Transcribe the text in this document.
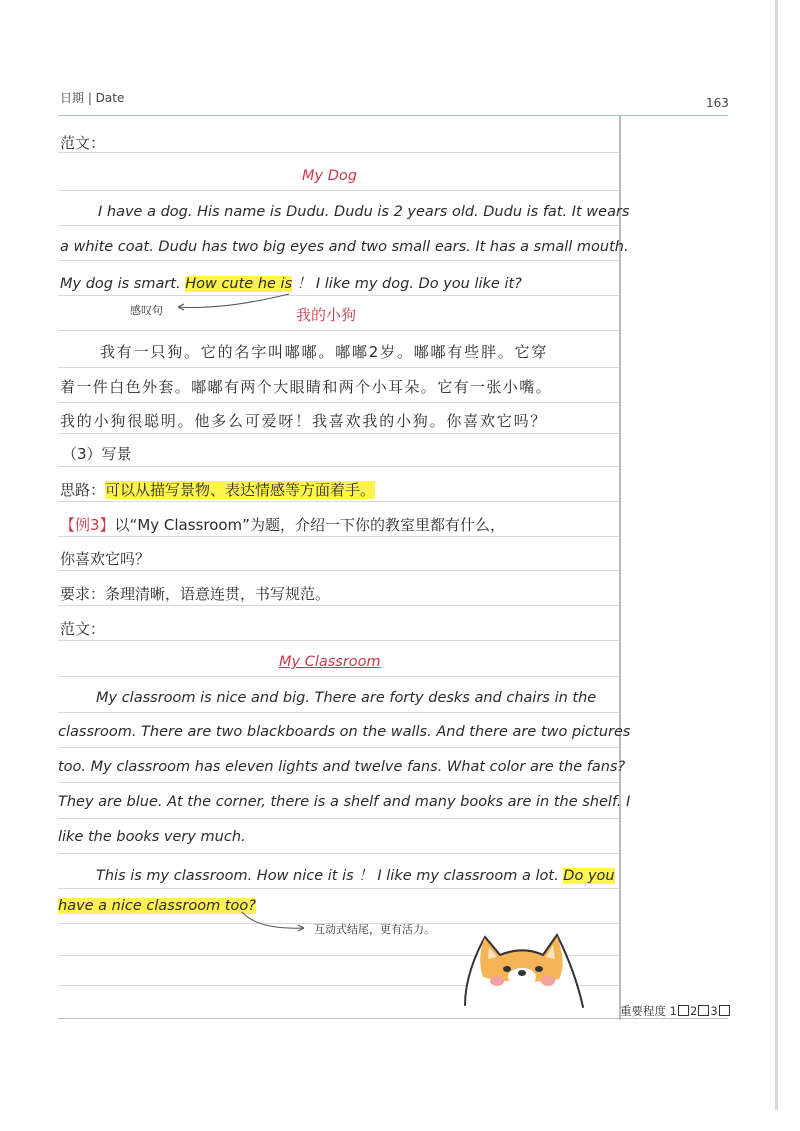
日期 | Date	163
范文：
My Dog
I have a dog. His name is Dudu. Dudu is 2 years old. Dudu is fat. It wears
a white coat. Dudu has two big eyes and two small ears. It has a small mouth.
My dog is smart. How cute he is ！ I like my dog. Do you like it?
感叹句	我的小狗
我有一只狗。它的名字叫嘟嘟。嘟嘟2岁。嘟嘟有些胖。它穿
着一件白色外套。嘟嘟有两个大眼睛和两个小耳朵。它有一张小嘴。
我的小狗很聪明。他多么可爱呀！我喜欢我的小狗。你喜欢它吗？
（3）写景
思路：可以从描写景物、表达情感等方面着手。
【例3】以“My Classroom”为题，介绍一下你的教室里都有什么，
你喜欢它吗？
要求：条理清晰，语意连贯，书写规范。
范文：
My Classroom
My classroom is nice and big. There are forty desks and chairs in the
classroom. There are two blackboards on the walls. And there are two pictures
too. My classroom has eleven lights and twelve fans. What color are the fans?
They are blue. At the corner, there is a shelf and many books are in the shelf. I
like the books very much.
This is my classroom. How nice it is ！ I like my classroom a lot. Do you
have a nice classroom too?
互动式结尾，更有活力。
重要程度 1 2 3
